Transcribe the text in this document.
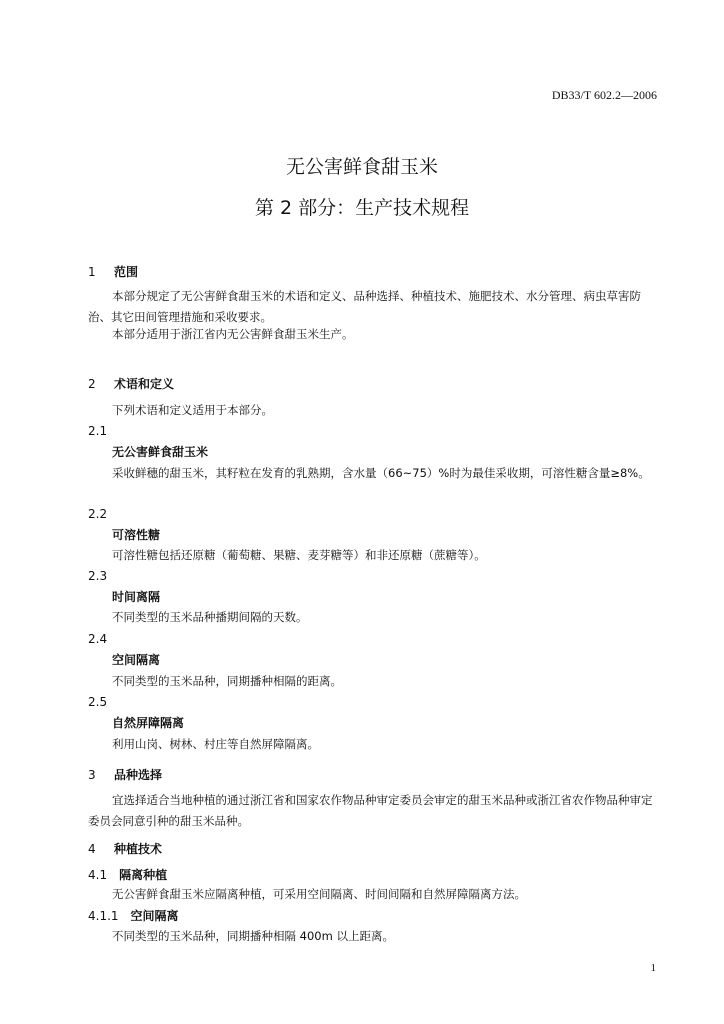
DB33/T 602.2—2006
无公害鲜食甜玉米
第 2 部分：生产技术规程
1 范围
本部分规定了无公害鲜食甜玉米的术语和定义、品种选择、种植技术、施肥技术、水分管理、病虫草害防治、其它田间管理措施和采收要求。
本部分适用于浙江省内无公害鲜食甜玉米生产。
2 术语和定义
下列术语和定义适用于本部分。
2.1
无公害鲜食甜玉米
采收鲜穗的甜玉米，其籽粒在发育的乳熟期，含水量（66~75）%时为最佳采收期，可溶性糖含量≥8%。
2.2
可溶性糖
可溶性糖包括还原糖（葡萄糖、果糖、麦芽糖等）和非还原糖（蔗糖等）。
2.3
时间离隔
不同类型的玉米品种播期间隔的天数。
2.4
空间隔离
不同类型的玉米品种，同期播种相隔的距离。
2.5
自然屏障隔离
利用山岗、树林、村庄等自然屏障隔离。
3 品种选择
宜选择适合当地种植的通过浙江省和国家农作物品种审定委员会审定的甜玉米品种或浙江省农作物品种审定委员会同意引种的甜玉米品种。
4 种植技术
4.1 隔离种植
无公害鲜食甜玉米应隔离种植，可采用空间隔离、时间间隔和自然屏障隔离方法。
4.1.1 空间隔离
不同类型的玉米品种，同期播种相隔 400m 以上距离。
1
